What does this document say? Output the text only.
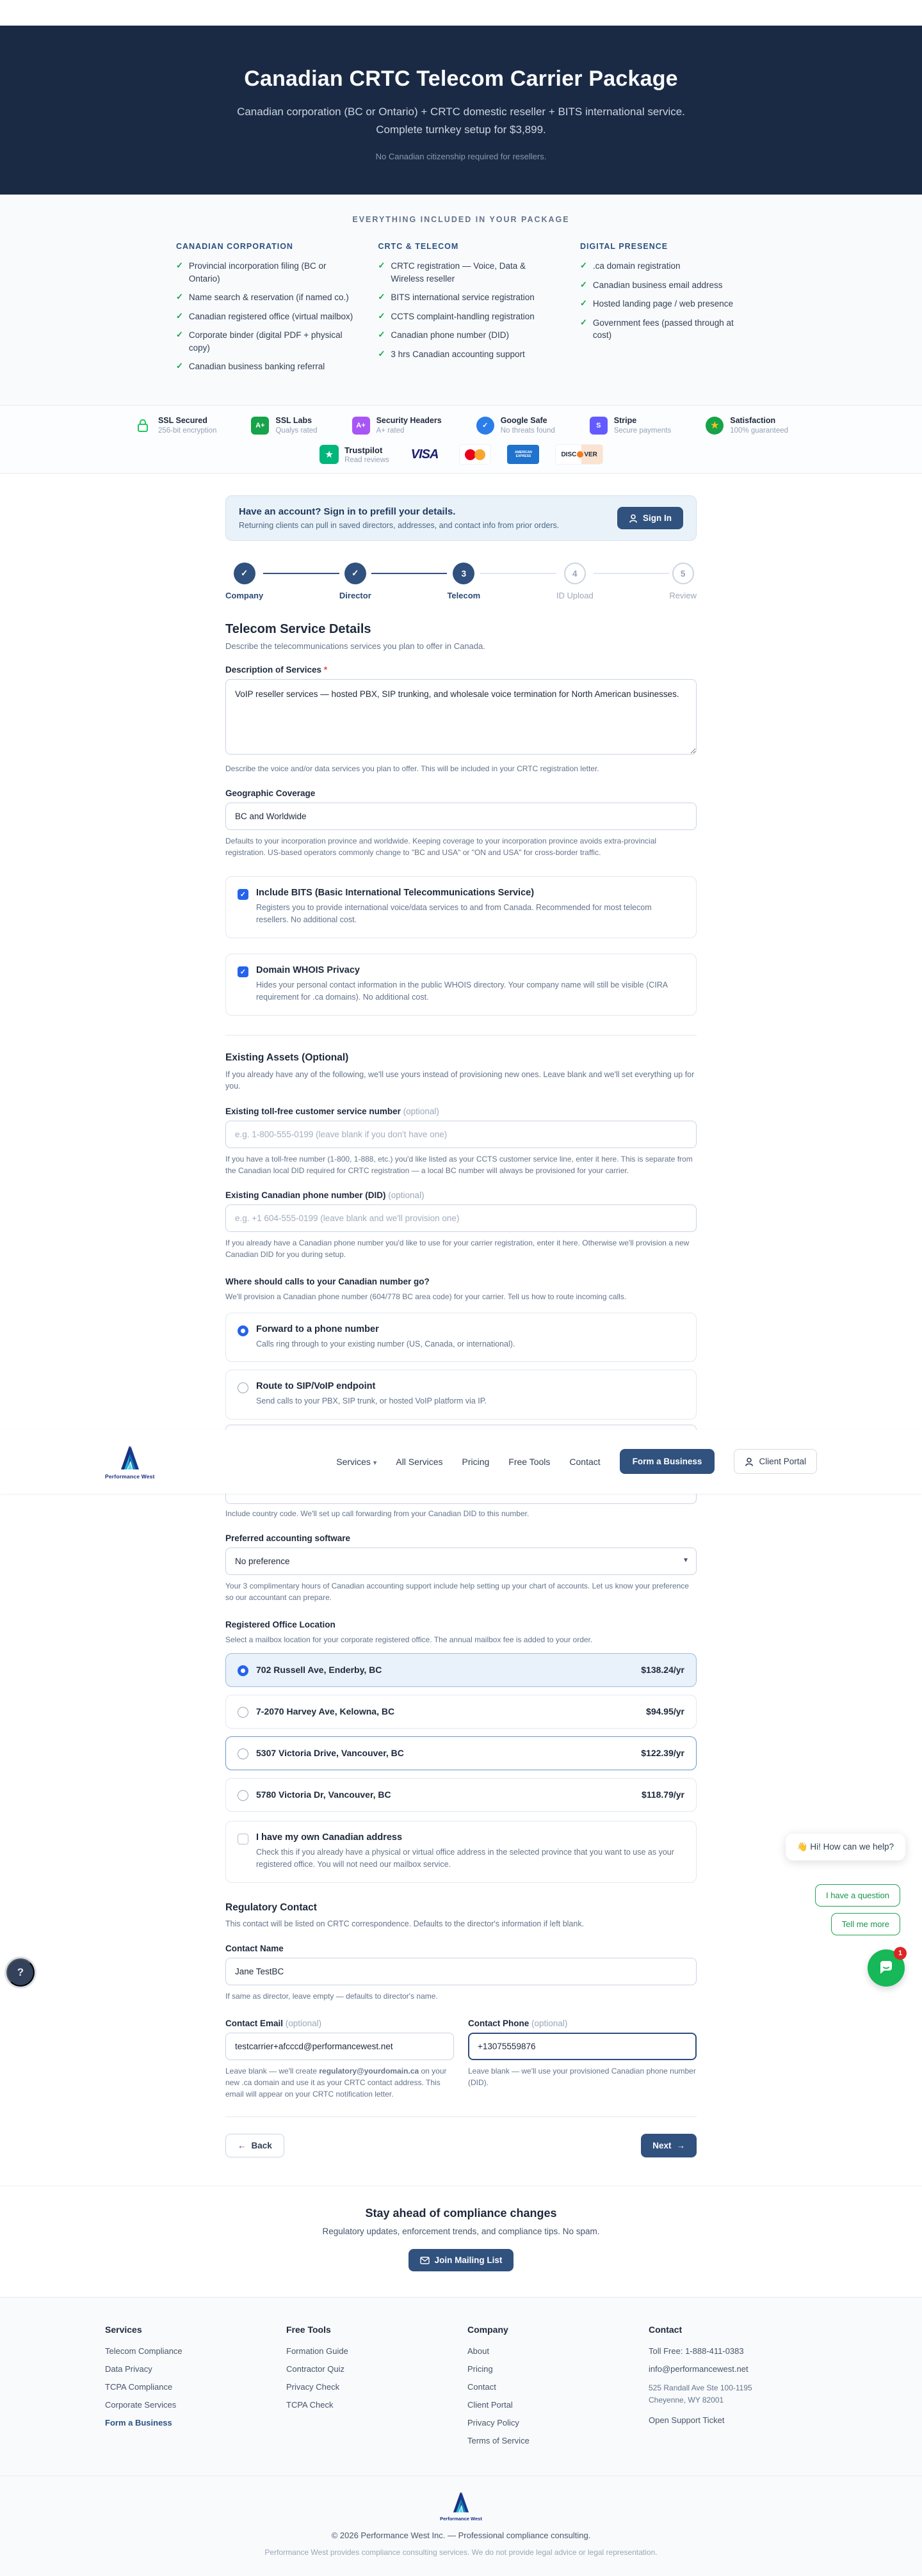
Canadian CRTC Telecom Carrier Package
Canadian corporation (BC or Ontario) + CRTC domestic reseller + BITS international service. Complete turnkey setup for $3,899.
No Canadian citizenship required for resellers.
EVERYTHING INCLUDED IN YOUR PACKAGE
CANADIAN CORPORATION
✓ Provincial incorporation filing (BC or Ontario)
✓ Name search & reservation (if named co.)
✓ Canadian registered office (virtual mailbox)
✓ Corporate binder (digital PDF + physical copy)
✓ Canadian business banking referral
CRTC & TELECOM
✓ CRTC registration — Voice, Data & Wireless reseller
✓ BITS international service registration
✓ CCTS complaint-handling registration
✓ Canadian phone number (DID)
✓ 3 hrs Canadian accounting support
DIGITAL PRESENCE
✓ .ca domain registration
✓ Canadian business email address
✓ Hosted landing page / web presence
✓ Government fees (passed through at cost)
SSL Secured
256-bit encryption
A+
SSL Labs
Qualys rated
A+
Security Headers
A+ rated
✓
Google Safe
No threats found
S
Stripe
Secure payments
★	Satisfaction
100% guaranteed
★	Trustpilot
Read reviews	VISA	AMERICAN EXPRESS	DISC VER
Have an account? Sign in to prefill your details.
Returning clients can pull in saved directors, addresses, and contact info from prior orders.
Sign In
✓
Company
✓
Director
3
Telecom
4
ID Upload
5
Review
Telecom Service Details
Describe the telecommunications services you plan to offer in Canada.
Description of Services *
VoIP reseller services — hosted PBX, SIP trunking, and wholesale voice termination for North American businesses.
Describe the voice and/or data services you plan to offer. This will be included in your CRTC registration letter.
Geographic Coverage
BC and Worldwide
Defaults to your incorporation province and worldwide. Keeping coverage to your incorporation province avoids extra-provincial registration. US-based operators commonly change to "BC and USA" or "ON and USA" for cross-border traffic.
✓ Include BITS (Basic International Telecommunications Service)
Registers you to provide international voice/data services to and from Canada. Recommended for most telecom resellers. No additional cost.
✓ Domain WHOIS Privacy
Hides your personal contact information in the public WHOIS directory. Your company name will still be visible (CIRA requirement for .ca domains). No additional cost.
Existing Assets (Optional)
If you already have any of the following, we'll use yours instead of provisioning new ones. Leave blank and we'll set everything up for you.
Existing toll-free customer service number (optional)
e.g. 1-800-555-0199 (leave blank if you don't have one)
If you have a toll-free number (1-800, 1-888, etc.) you'd like listed as your CCTS customer service line, enter it here. This is separate from the Canadian local DID required for CRTC registration — a local BC number will always be provisioned for your carrier.
Existing Canadian phone number (DID) (optional)
e.g. +1 604-555-0199 (leave blank and we'll provision one)
If you already have a Canadian phone number you'd like to use for your carrier registration, enter it here. Otherwise we'll provision a new Canadian DID for you during setup.
Where should calls to your Canadian number go?
We'll provision a Canadian phone number (604/778 BC area code) for your carrier. Tell us how to route incoming calls.
Forward to a phone number
Calls ring through to your existing number (US, Canada, or international).
Route to SIP/VoIP endpoint
Send calls to your PBX, SIP trunk, or hosted VoIP platform via IP.
Performance West
Services ▾ All Services Pricing Free Tools Contact	Form a Business	Client Portal
Include country code. We'll set up call forwarding from your Canadian DID to this number.
Preferred accounting software
No preference
▾
Your 3 complimentary hours of Canadian accounting support include help setting up your chart of accounts. Let us know your preference so our accountant can prepare.
Registered Office Location
Select a mailbox location for your corporate registered office. The annual mailbox fee is added to your order.
702 Russell Ave, Enderby, BC	$138.24/yr
7-2070 Harvey Ave, Kelowna, BC	$94.95/yr
5307 Victoria Drive, Vancouver, BC	$122.39/yr
5780 Victoria Dr, Vancouver, BC	$118.79/yr
I have my own Canadian address
Check this if you already have a physical or virtual office address in the selected province that you want to use as your registered office. You will not need our mailbox service.
Regulatory Contact
This contact will be listed on CRTC correspondence. Defaults to the director's information if left blank.
Contact Name
Jane TestBC
If same as director, leave empty — defaults to director's name.
Contact Email (optional)
testcarrier+afcccd@performancewest.net
Leave blank — we'll create regulatory@yourdomain.ca on your new .ca domain and use it as your CRTC contact address. This email will appear on your CRTC notification letter.
Contact Phone (optional)
+13075559876
Leave blank — we'll use your provisioned Canadian phone number (DID).
← Back	Next →
Stay ahead of compliance changes
Regulatory updates, enforcement trends, and compliance tips. No spam.
Join Mailing List
Services
Telecom Compliance
Data Privacy
TCPA Compliance
Corporate Services
Form a Business
Free Tools
Formation Guide
Contractor Quiz
Privacy Check
TCPA Check
Company
About
Pricing
Contact
Client Portal
Privacy Policy
Terms of Service
Contact
Toll Free: 1-888-411-0383
info@performancewest.net
525 Randall Ave Ste 100-1195
Cheyenne, WY 82001
Open Support Ticket
Performance West
© 2026 Performance West Inc. — Professional compliance consulting.
Performance West provides compliance consulting services. We do not provide legal advice or legal representation.
👋 Hi! How can we help?
I have a question
Tell me more
1
?
